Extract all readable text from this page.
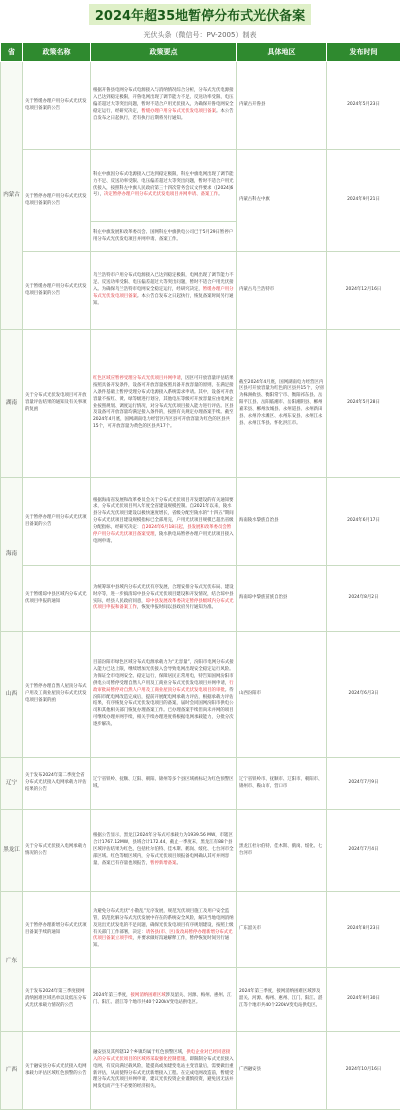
2024年超35地暂停分布式光伏备案
光伏头条（微信号：PV-2005）制表
省	政策名称	政策要点	具体地区	发布时间
内蒙古	关于暂缓办理户用分布式光伏发电项目备案的公告	根据开鲁县电网分布式电源接入与消纳情况综合分析，分布式光伏电源接入已达到稳定极限，开鲁电网出现了调节能力不足、反送功率受限、电压偏差超过大等突出问题，暂时不适合户用光伏接入，为确保开鲁电网安全稳定运行，经研究决定，暂缓办理户用分布式光伏发电项目备案。本公告自发布之日起执行，若有执行后期将另行通知。	内蒙古开鲁县	2024年5月23日
	关于暂停办理户用分布式光伏发电项目备案的公告	科左中旗因分布式电源接入已达到稳定极限，科左中旗电网出现了调节能力不足、反送功率受限、电压偏差超过大等突出问题，暂时不适合户用光伏接入，按照科左中旗人民政府第三十四次常务会议文件要求（[2024]6号），决定暂停办理户用分布式光伏发电项目并网申请、备案工作。	内蒙古科左中旗	2024年9月21日
		科左中旗发展和改革委员会、国网科左中旗供电公司已于5月29日暂停户用分布式光伏发电项目并网申请、备案工作。		
	关于暂缓办理户用分布式光伏发电项目备案的公告	乌兰浩特市户用分布式电源接入已达到稳定极限，电网出现了调节能力不足、反送功率受限、电压偏差超过大等突出问题，暂时不适合户用光伏接入。为确保乌兰浩特市电网安全稳定运行，经研究决定，暂缓办理户用分布式光伏发电项目备案。本公告自发布之日起执行，恢复备案时间另行通知。	内蒙古乌兰浩特市	2024年12月16日
湖南	关于分布式光伏发电项目可开放容量评估结果的通知及有关事项的复函	红色区域应暂停受理分布式光伏项目并网申请，因区可开放容量评估结果按照具备开发条件，设备可开放容量按照具备开放容量的原则，在满足接入条件基础上暂停受理分布式电源接入系统需求申请。其中，设备可开放容量不按红、黄、绿等级进行划分，其他电压等级可开放容量应由电网企业按照规划、调度运行情况，对分布式光伏项目接入能力进行评估。区县及设备可开放容量均满足接入条件的，按照有关规定办理备案手续。截至2024年4月底，国网湖南电力经营区内区县可开放容量为红色的区县共15个，可开放容量为黄色的区县共17个。	截至2024年4月底，国网湖南电力经营区内区县可开放容量为红色的区县共15个，分别为株洲攸县、衡阳常宁市、衡阳祁东县、岳阳平江县、岳阳临湘市、岳阳湘阴县、郴州嘉禾县、郴州汝城县、永州道县、永州新田县、永州冷水滩区、永州东安县、永州江永县、永州江华县、怀化洪江市。	2024年5月28日
海南	关于暂停办理户用分布式光伏项目备案的公告	根据海南省发展和改革委员会关于分布式光伏项目开发建设的有关通知要求，分布式光伏项目列入年度全省建设规模控制。自2021年以来，陵水县分布式光伏项目建设以极快速度增长，省级分配至陵水的“十四五”期间分布式光伏项目建设规模指标已全部用完，户用光伏项目规模已超出省级分配指标，经研究决定：自2024年6月18日起，县发展和改革委员会暂停户用分布式光伏项目备案受理，陵水供电局暂停办理户用光伏项目接入电网申请。	海南陵水黎族自治县	2024年6月17日
	关于暂缓琼中县区域内分布式光伏项目申报的通知	为统筹琼中县域内分布式光伏有序发展，合理安排分布式光伏布局、建设时序等，进一步搞清琼中县分布式光伏项目建设和开发情况，结合琼中县实际，经县人民政府同意，琼中县发展改革委决定暂停县级域内分布式光伏项目申报和备案工作，恢复申报时间以县政府另行通知为准。	海南琼中黎族苗族自治县	2024年8月2日
山西	关于暂停办理自然人屋顶分布式户用及工商业屋顶分布式光伏发电项目备案的函	目前汾阳市绿色区域分布式电源承载力为“无容量”，汾阳市电网分布式接入能力已达上限，继续增加光伏接入会导致电网出现安全稳定运行风险。为保证全市电网安全、稳定运行，保障居民正常用电，特告知国网汾阳市供电公司暂停受理自然人户用及工商业分布式光伏发电项目并网申请，行政审批局暂停对自然人户用及工商业屋顶分布式光伏发电项目的审批。待汾阳市配电网改造完成后，提前开展配电网承载力评估，根据承载力评估结果，有序恢复分布式光伏发电项目的备案，届时会同国网汾阳市供电公司和其他相关部门恢复办理备案工作。已办理备案手续但尚未并网的项目可继续办理并网手续，相关手续办理进度将根据电网承载能力，分批分次逐步解决。	山西汾阳市	2024年6月3日
辽宁	关于发布2024年第二季度全省分布式光伏接入电网承载力评估结果的公告	辽宁省铁岭、抚顺、辽阳、朝阳、锦州等多个县区域被标记为红色预警区域。	辽宁省铁岭市、抚顺市、辽阳市、朝阳市、锦州市、鞍山市、营口市	2024年7月9日
黑龙江	关于分布式光伏接入电网承载力情况的公告	根据公告显示，黑龙江2024年分布式可承载力为1939.56 MW，市辖区合计1767.12MW，县域合计172.44，截止一季度末，黑龙江有88个县区域评估结果为红色，包括杜尔伯特、佳木斯、鹤岗、绥化、七台河市全部区域。红色等级区域内，分布式光伏项目须报备电网确认其可并网容量，备案已有存量也须报告，暂停新增备案。	黑龙江杜尔伯特、佳木斯、鹤岗、绥化、七台河市	2024年7月4日
广东	关于暂停办理新增分布式光伏项目备案手续的通知	为避免分布式光伏“小散乱”无序发展，规范光伏项目施工及用户安全监管，防范化解分布式光伏发展中存在的系统安全风险，解决当地电网消纳及送出光伏发电的不足问题，确保光伏发电项目有序规划建设，按照上级有关部门工作部署，决定：请各县(市、区)发改局暂停办理新增分布式光伏项目备案立项手续，并要求做好沟通解释工作，暂停恢复时间另行通知。	广东韶关市	2024年8月23日
	关于发布2024年第三季度接网消纳困难区域名单以及低压分布式光伏承载力情况的公告	2024年第三季度，接网消纳困难区域涉及韶关、河源、梅州、惠州、江门、阳江、湛江等个地市共40个220kV变电站供电区。	2024年第三季度，接网消纳困难区域涉及韶关、河源、梅州、惠州、江门、阳江、湛江等个地市共40个220kV变电站供电区。	2024年9月30日
广西	关于融安县分布式光伏接入电网承载力评估区域红色预警的公告	融安县及其所辖12个乡镇均属于红色预警区域，供电企业对已经同意接入的分布式光伏项目的区域将采取强化控制措施，即限制分布式光伏接入电网，有反向满过载风险，能提高或加建变电站主变容量后，需要做出重新评估，从而使得分布式光伏新增接入工程。在完成电网改造前，暂缓受理分布式光伏项目并网申请，建议光伏投资企业谨慎投资，避免因无法并网发电而产生不必要的经济损失。	广西融安县	2024年10月16日
